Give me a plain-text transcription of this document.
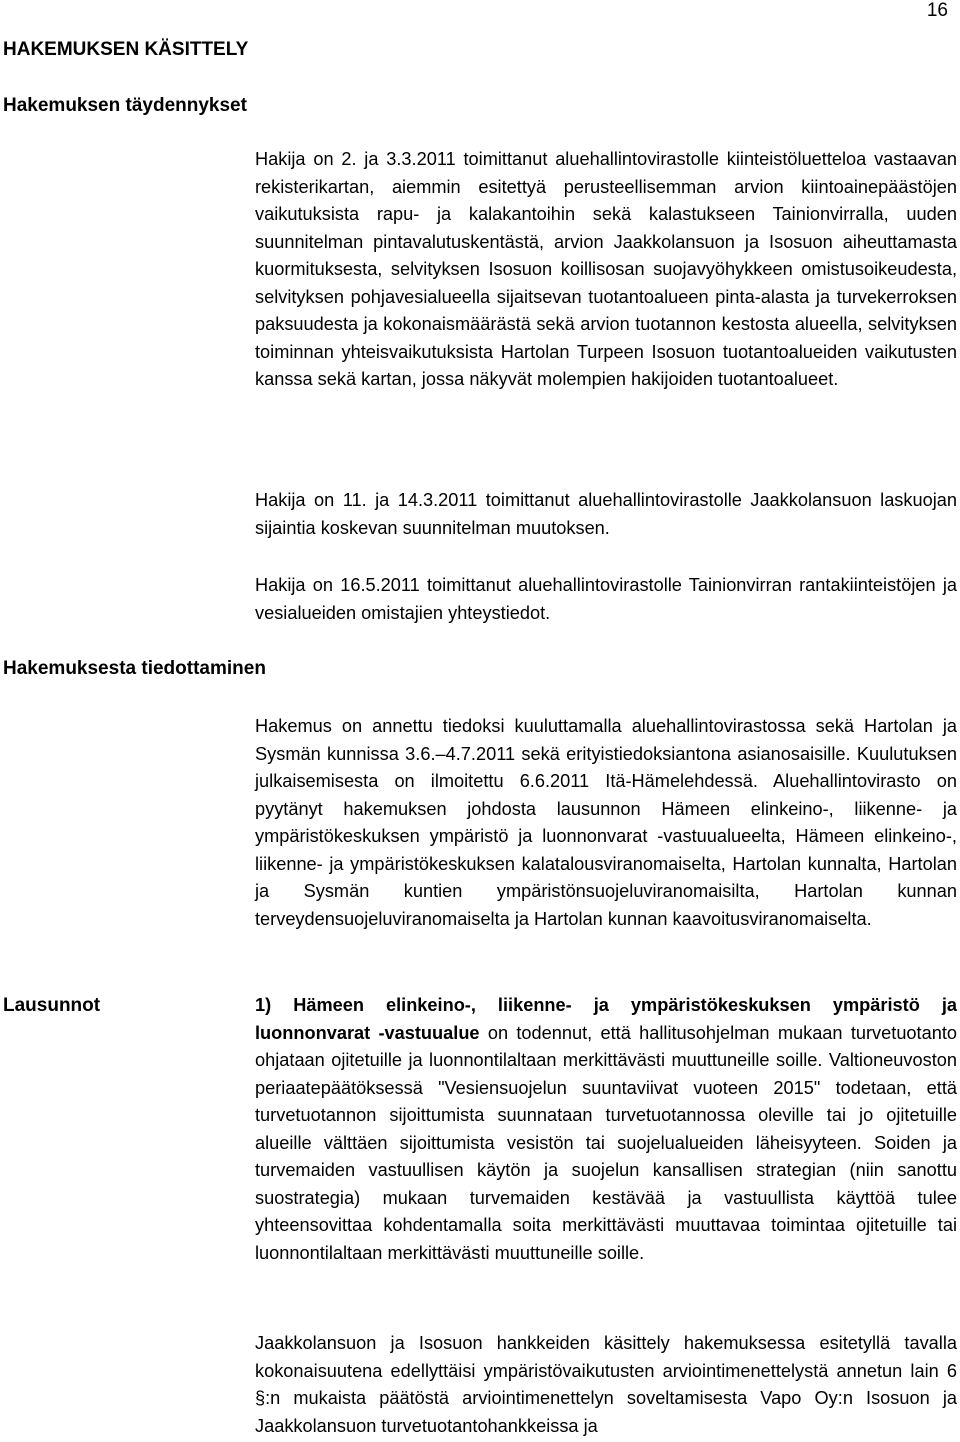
16
HAKEMUKSEN KÄSITTELY
Hakemuksen täydennykset
Hakija on 2. ja 3.3.2011 toimittanut aluehallintovirastolle kiinteistöluetteloa vastaavan rekisterikartan, aiemmin esitettyä perusteellisemman arvion kiintoainepäästöjen vaikutuksista rapu- ja kalakantoihin sekä kalastukseen Tainionvirralla, uuden suunnitelman pintavalutuskentästä, arvion Jaakkolansuon ja Isosuon aiheuttamasta kuormituksesta, selvityksen Isosuon koillisosan suojavyöhykkeen omistusoikeudesta, selvityksen pohjavesialueella sijaitsevan tuotantoalueen pinta-alasta ja turvekerroksen paksuudesta ja kokonaismäärästä sekä arvion tuotannon kestosta alueella, selvityksen toiminnan yhteisvaikutuksista Hartolan Turpeen Isosuon tuotantoalueiden vaikutusten kanssa sekä kartan, jossa näkyvät molempien hakijoiden tuotantoalueet.
Hakija on 11. ja 14.3.2011 toimittanut aluehallintovirastolle Jaakkolansuon laskuojan sijaintia koskevan suunnitelman muutoksen.
Hakija on 16.5.2011 toimittanut aluehallintovirastolle Tainionvirran rantakiinteistöjen ja vesialueiden omistajien yhteystiedot.
Hakemuksesta tiedottaminen
Hakemus on annettu tiedoksi kuuluttamalla aluehallintovirastossa sekä Hartolan ja Sysmän kunnissa 3.6.–4.7.2011 sekä erityistiedoksiantona asianosaisille. Kuulutuksen julkaisemisesta on ilmoitettu 6.6.2011 Itä-Hämelehdessä. Aluehallintovirasto on pyytänyt hakemuksen johdosta lausunnon Hämeen elinkeino-, liikenne- ja ympäristökeskuksen ympäristö ja luonnonvarat -vastuualueelta, Hämeen elinkeino-, liikenne- ja ympäristökeskuksen kalatalousviranomaiselta, Hartolan kunnalta, Hartolan ja Sysmän kuntien ympäristönsuojeluviranomaisilta, Hartolan kunnan terveydensuojeluviranomaiselta ja Hartolan kunnan kaavoitusviranomaiselta.
Lausunnot	1) Hämeen elinkeino-, liikenne- ja ympäristökeskuksen ympäristö ja luonnonvarat -vastuualue on todennut, että hallitusohjelman mukaan turvetuotanto ohjataan ojitetuille ja luonnontilaltaan merkittävästi muuttuneille soille. Valtioneuvoston periaatepäätöksessä "Vesiensuojelun suuntaviivat vuoteen 2015" todetaan, että turvetuotannon sijoittumista suunnataan turvetuotannossa oleville tai jo ojitetuille alueille välttäen sijoittumista vesistön tai suojelualueiden läheisyyteen. Soiden ja turvemaiden vastuullisen käytön ja suojelun kansallisen strategian (niin sanottu suostrategia) mukaan turvemaiden kestävää ja vastuullista käyttöä tulee yhteensovittaa kohdentamalla soita merkittävästi muuttavaa toimintaa ojitetuille tai luonnontilaltaan merkittävästi muuttuneille soille.
Jaakkolansuon ja Isosuon hankkeiden käsittely hakemuksessa esitetyllä tavalla kokonaisuutena edellyttäisi ympäristövaikutusten arviointimenettelystä annetun lain 6 §:n mukaista päätöstä arviointimenettelyn soveltamisesta Vapo Oy:n Isosuon ja Jaakkolansuon turvetuotantohankkeissa ja
